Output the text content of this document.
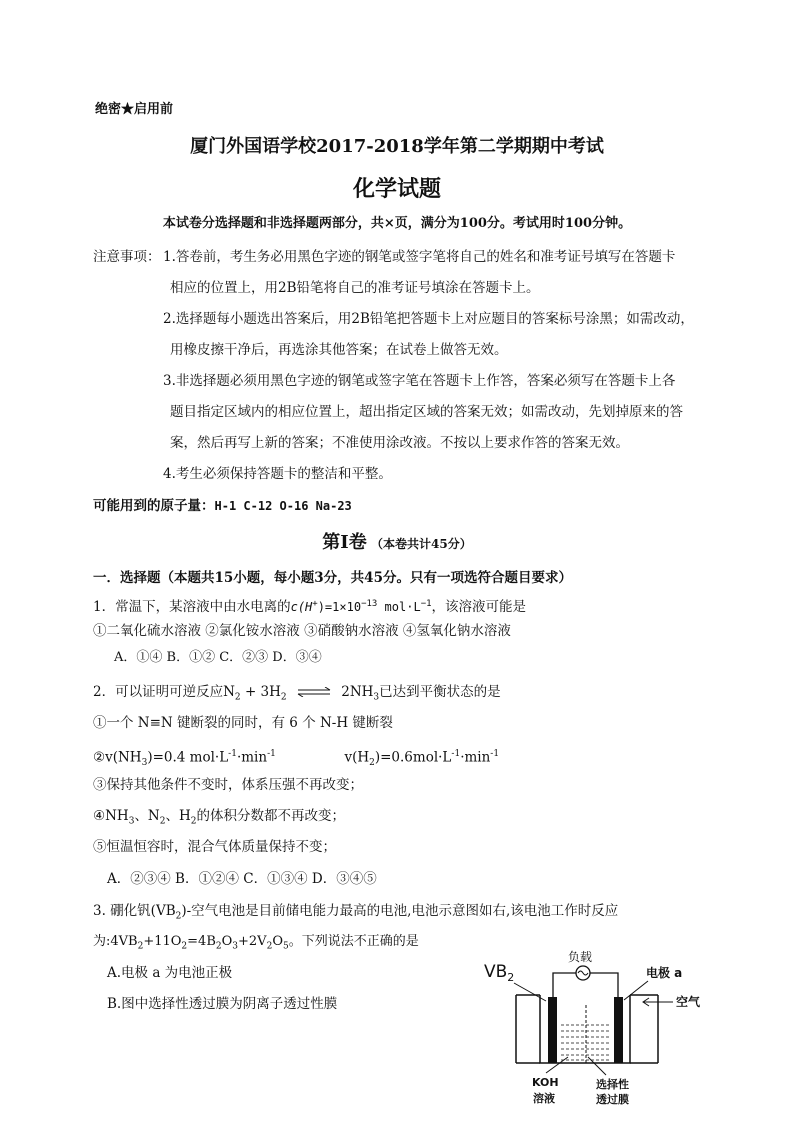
绝密★启用前
厦门外国语学校2017-2018学年第二学期期中考试
化学试题
本试卷分选择题和非选择题两部分，共×页，满分为100分。考试用时100分钟。
注意事项： 1.答卷前，考生务必用黑色字迹的钢笔或签字笔将自己的姓名和准考证号填写在答题卡
相应的位置上，用2B铅笔将自己的准考证号填涂在答题卡上。
2.选择题每小题选出答案后，用2B铅笔把答题卡上对应题目的答案标号涂黑；如需改动，
用橡皮擦干净后，再选涂其他答案；在试卷上做答无效。
3.非选择题必须用黑色字迹的钢笔或签字笔在答题卡上作答，答案必须写在答题卡上各
题目指定区域内的相应位置上，超出指定区域的答案无效；如需改动，先划掉原来的答
案，然后再写上新的答案；不准使用涂改液。不按以上要求作答的答案无效。
4.考生必须保持答题卡的整洁和平整。
可能用到的原子量：H-1 C-12 O-16 Na-23
第Ⅰ卷 （本卷共计45分）
一．选择题（本题共15小题，每小题3分，共45分。只有一项选符合题目要求）
1．常温下，某溶液中由水电离的$c(H^+)=1\times 10^{-13}$ $mol\cdot L^{-1}$，该溶液可能是
①二氧化硫水溶液 ②氯化铵水溶液 ③硝酸钠水溶液 ④氢氧化钠水溶液
A．①④ B．①② C．②③ D．③④
2．可以证明可逆反应$N_2 + 3H_2$ ⇌ $2NH_3$已达到平衡状态的是
①一个 N≡N 键断裂的同时，有 6 个 N-H 键断裂
$②v(NH_3)=0.4$ $mol\cdot L^{-1}\cdot\min^{-1}$	$v(H_2)=0.6mol\cdot L^{-1}\cdot\min^{-1}$
③保持其他条件不变时，体系压强不再改变；
$④NH_3$、$N_2$、$H_2$的体积分数都不再改变；
⑤恒温恒容时，混合气体质量保持不变；
A．②③④ B．①②④ C．①③④ D．③④⑤
3. 硼化钒$(VB_2)-$空气电池是目前储电能力最高的电池,电池示意图如右,该电池工作时反应
为$:4VB_2+11O_2=4B_2O_3+2V_2O_5$。下列说法不正确的是
A.电极 a 为电池正极
B.图中选择性透过膜为阴离子透过性膜
$VB_2$
负载
电极 a
空气
KOH
溶液
选择性
透过膜
